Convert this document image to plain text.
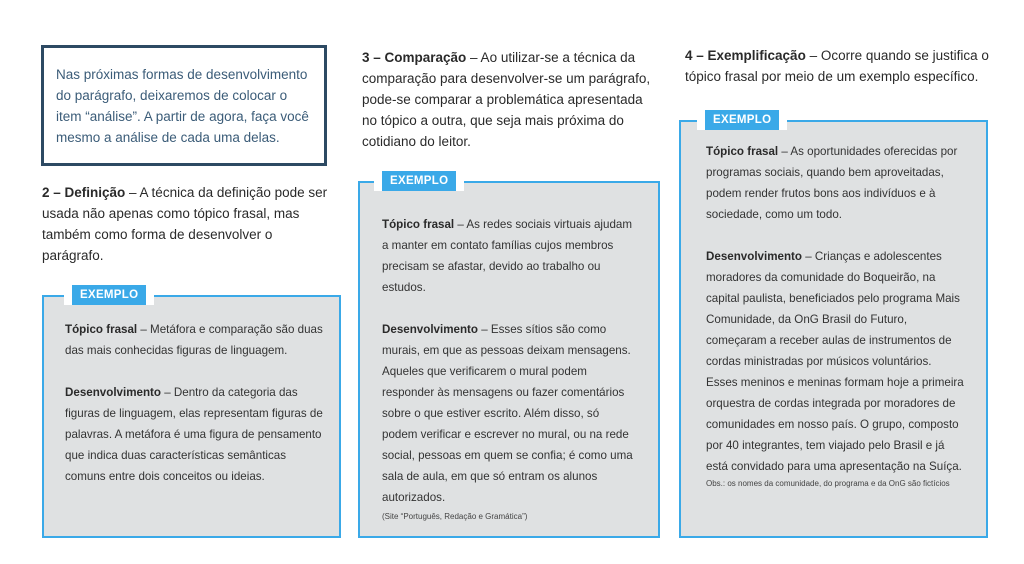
Nas próximas formas de desenvolvimento do parágrafo, deixaremos de colocar o item “análise”. A partir de agora, faça você mesmo a análise de cada uma delas.
2 – Definição – A técnica da definição pode ser usada não apenas como tópico frasal, mas também como forma de desenvolver o parágrafo.
EXEMPLO

Tópico frasal – Metáfora e comparação são duas das mais conhecidas figuras de linguagem.

Desenvolvimento – Dentro da categoria das figuras de linguagem, elas representam figuras de palavras. A metáfora é uma figura de pensamento que indica duas características semânticas comuns entre dois conceitos ou ideias.

3 – Comparação – Ao utilizar-se a técnica da comparação para desenvolver-se um parágrafo, pode-se comparar a problemática apresentada no tópico a outra, que seja mais próxima do cotidiano do leitor.
EXEMPLO

Tópico frasal – As redes sociais virtuais ajudam a manter em contato famílias cujos membros precisam se afastar, devido ao trabalho ou estudos.

Desenvolvimento – Esses sítios são como murais, em que as pessoas deixam mensagens. Aqueles que verificarem o mural podem responder às mensagens ou fazer comentários sobre o que estiver escrito. Além disso, só podem verificar e escrever no mural, ou na rede social, pessoas em quem se confia; é como uma sala de aula, em que só entram os alunos autorizados.

(Site “Português, Redação e Gramática”)

4 – Exemplificação – Ocorre quando se justifica o tópico frasal por meio de um exemplo específico.
EXEMPLO

Tópico frasal – As oportunidades oferecidas por programas sociais, quando bem aproveitadas, podem render frutos bons aos indivíduos e à sociedade, como um todo.

Desenvolvimento – Crianças e adolescentes moradores da comunidade do Boqueirão, na capital paulista, beneficiados pelo programa Mais Comunidade, da OnG Brasil do Futuro, começaram a receber aulas de instrumentos de cordas ministradas por músicos voluntários. Esses meninos e meninas formam hoje a primeira orquestra de cordas integrada por moradores de comunidades em nosso país. O grupo, composto por 40 integrantes, tem viajado pelo Brasil e já está convidado para uma apresentação na Suíça.

Obs.: os nomes da comunidade, do programa e da OnG são fictícios
